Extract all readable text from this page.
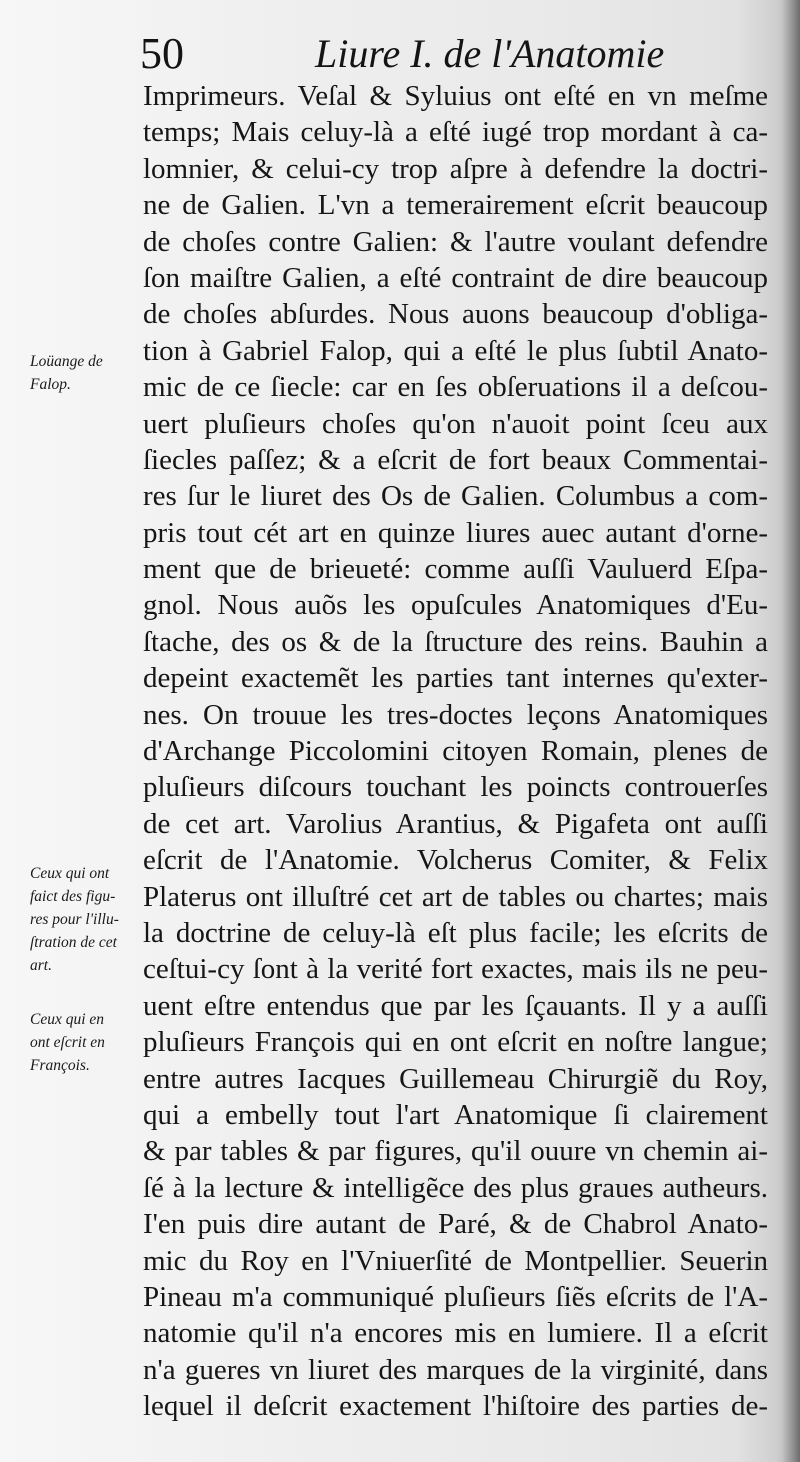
50	Liure I. de l'Anatomie
Loüange de
Falop.
Ceux qui ont
faict des figu-
res pour l'illu-
ſtration de cet
art.
Ceux qui en
ont eſcrit en
François.
Imprimeurs. Veſal & Syluius ont eſté en vn meſme
temps; Mais celuy-là a eſté iugé trop mordant à ca-
lomnier, & celui-cy trop aſpre à defendre la doctri-
ne de Galien. L'vn a temerairement eſcrit beaucoup
de choſes contre Galien: & l'autre voulant defendre
ſon maiſtre Galien, a eſté contraint de dire beaucoup
de choſes abſurdes. Nous auons beaucoup d'obliga-
tion à Gabriel Falop, qui a eſté le plus ſubtil Anato-
mic de ce ſiecle: car en ſes obſeruations il a deſcou-
uert pluſieurs choſes qu'on n'auoit point ſceu aux
ſiecles paſſez; & a eſcrit de fort beaux Commentai-
res ſur le liuret des Os de Galien. Columbus a com-
pris tout cét art en quinze liures auec autant d'orne-
ment que de brieueté: comme auſſi Vauluerd Eſpa-
gnol. Nous auõs les opuſcules Anatomiques d'Eu-
ſtache, des os & de la ſtructure des reins. Bauhin a
depeint exactemẽt les parties tant internes qu'exter-
nes. On trouue les tres-doctes leçons Anatomiques
d'Archange Piccolomini citoyen Romain, plenes de
pluſieurs diſcours touchant les poincts controuerſes
de cet art. Varolius Arantius, & Pigafeta ont auſſi
eſcrit de l'Anatomie. Volcherus Comiter, & Felix
Platerus ont illuſtré cet art de tables ou chartes; mais
la doctrine de celuy-là eſt plus facile; les eſcrits de
ceſtui-cy ſont à la verité fort exactes, mais ils ne peu-
uent eſtre entendus que par les ſçauants. Il y a auſſi
pluſieurs François qui en ont eſcrit en noſtre langue;
entre autres Iacques Guillemeau Chirurgiẽ du Roy,
qui a embelly tout l'art Anatomique ſi clairement
& par tables & par figures, qu'il ouure vn chemin ai-
ſé à la lecture & intelligẽce des plus graues autheurs.
I'en puis dire autant de Paré, & de Chabrol Anato-
mic du Roy en l'Vniuerſité de Montpellier. Seuerin
Pineau m'a communiqué pluſieurs ſiẽs eſcrits de l'A-
natomie qu'il n'a encores mis en lumiere. Il a eſcrit
n'a gueres vn liuret des marques de la virginité, dans
lequel il deſcrit exactement l'hiſtoire des parties de-
